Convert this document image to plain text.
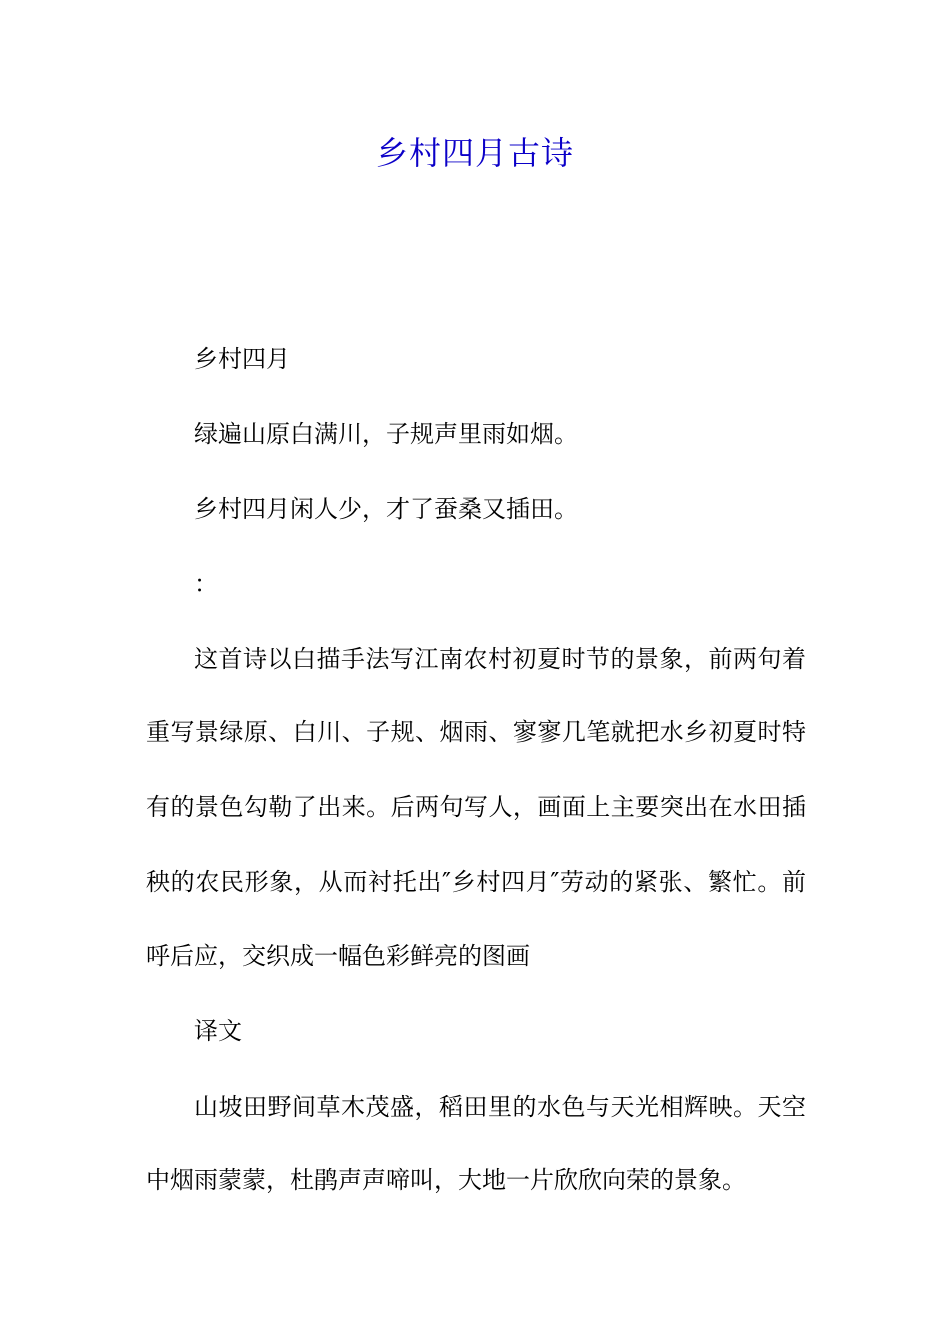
乡村四月古诗
乡村四月
绿遍山原白满川，子规声里雨如烟。
乡村四月闲人少，才了蚕桑又插田。
：
这首诗以白描手法写江南农村初夏时节的景象，前两句着
重写景绿原、白川、子规、烟雨、寥寥几笔就把水乡初夏时特
有的景色勾勒了出来。后两句写人，画面上主要突出在水田插
秧的农民形象，从而衬托出″乡村四月″劳动的紧张、繁忙。前
呼后应，交织成一幅色彩鲜亮的图画
译文
山坡田野间草木茂盛，稻田里的水色与天光相辉映。天空
中烟雨蒙蒙，杜鹃声声啼叫，大地一片欣欣向荣的景象。
